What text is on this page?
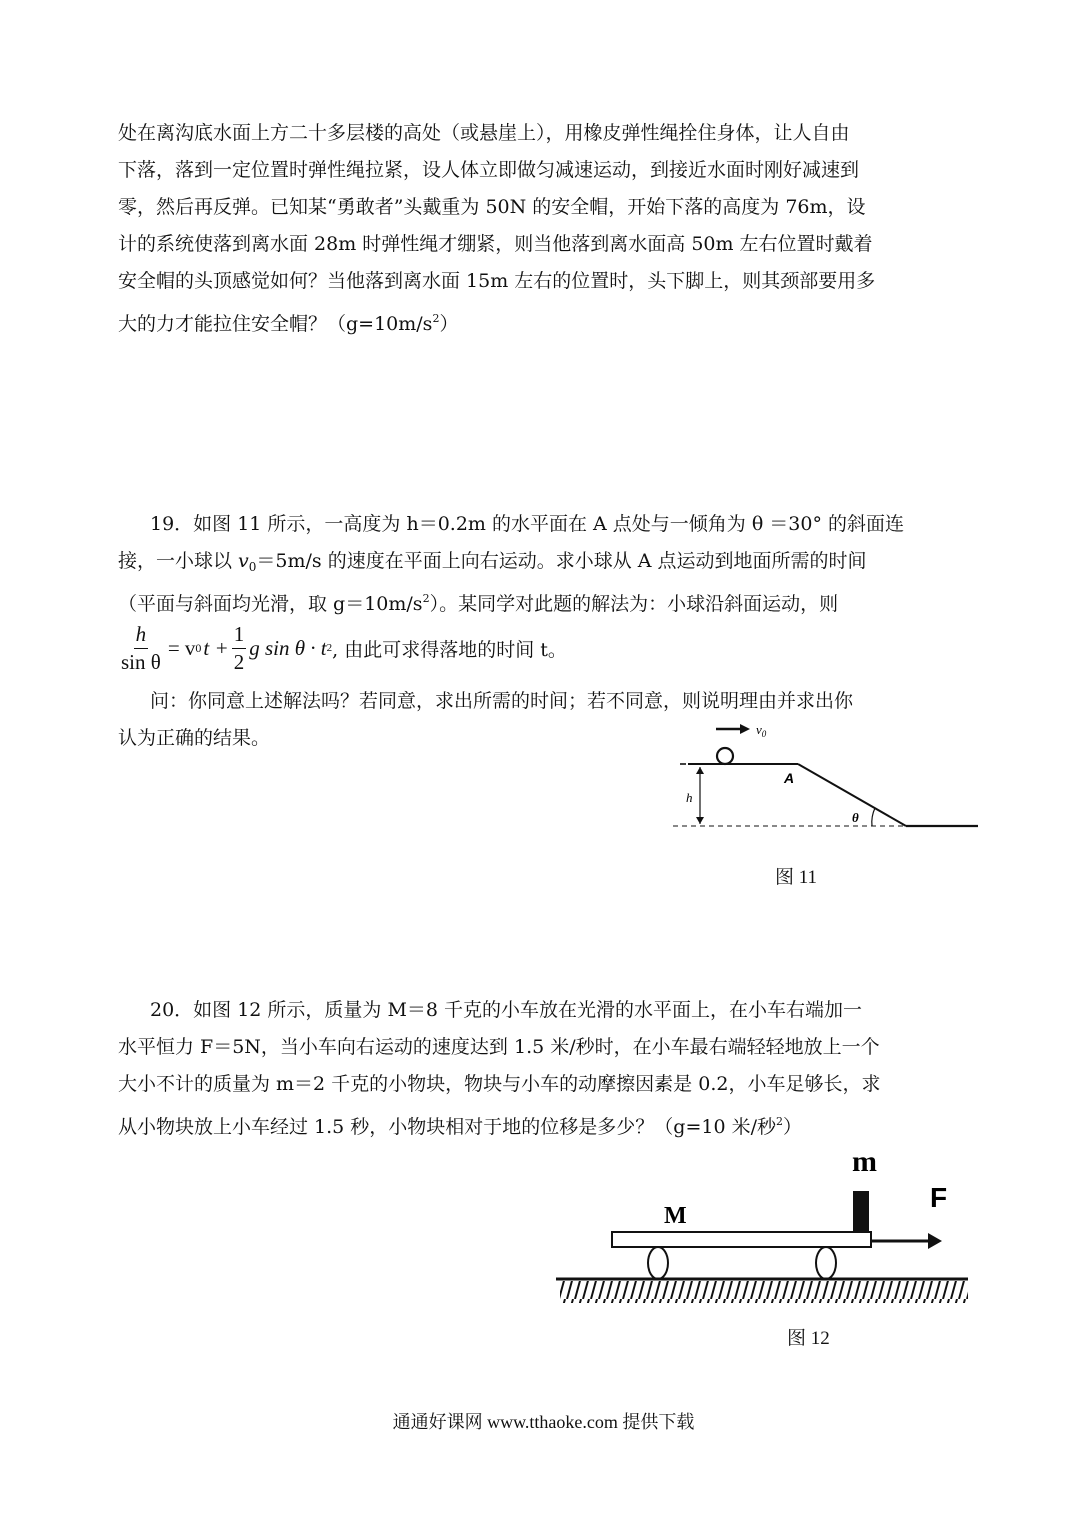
处在离沟底水面上方二十多层楼的高处（或悬崖上），用橡皮弹性绳拴住身体，让人自由
下落，落到一定位置时弹性绳拉紧，设人体立即做匀减速运动，到接近水面时刚好减速到
零，然后再反弹。已知某“勇敢者”头戴重为 50N 的安全帽，开始下落的高度为 76m，设
计的系统使落到离水面 28m 时弹性绳才绷紧，则当他落到离水面高 50m 左右位置时戴着
安全帽的头顶感觉如何？当他落到离水面 15m 左右的位置时，头下脚上，则其颈部要用多
大的力才能拉住安全帽？$(g=10m/s^2)$
19．如图 11 所示，一高度为 h＝0.2m 的水平面在 A 点处与一倾角为 θ ＝30° 的斜面连
接，一小球以 $v_0=5m/s$ 的速度在平面上向右运动。求小球从 A 点运动到地面所需的时间
（平面与斜面均光滑，取 $g=10m/s^2$）。某同学对此题的解法为：小球沿斜面运动，则
$\frac{h}{\text{sin θ}} = v$ 0 $t + \frac{1}{2}$ g sin θ · t 2 , 由此可求得落地的时间 t。
问：你同意上述解法吗？若同意，求出所需的时间；若不同意，则说明理由并求出你
认为正确的结果。	$v_0$
h
A
θ
图 11
20．如图 12 所示，质量为 M＝8 千克的小车放在光滑的水平面上，在小车右端加一
水平恒力 F＝5N，当小车向右运动的速度达到 1.5 米/秒时，在小车最右端轻轻地放上一个
大小不计的质量为 m＝2 千克的小物块，物块与小车的动摩擦因素是 0.2，小车足够长，求
从小物块放上小车经过 1.5 秒，小物块相对于地的位移是多少？（g=10 米/秒$^2$）
M
m
F
图 12
通通好课网 www.tthaoke.com 提供下载
